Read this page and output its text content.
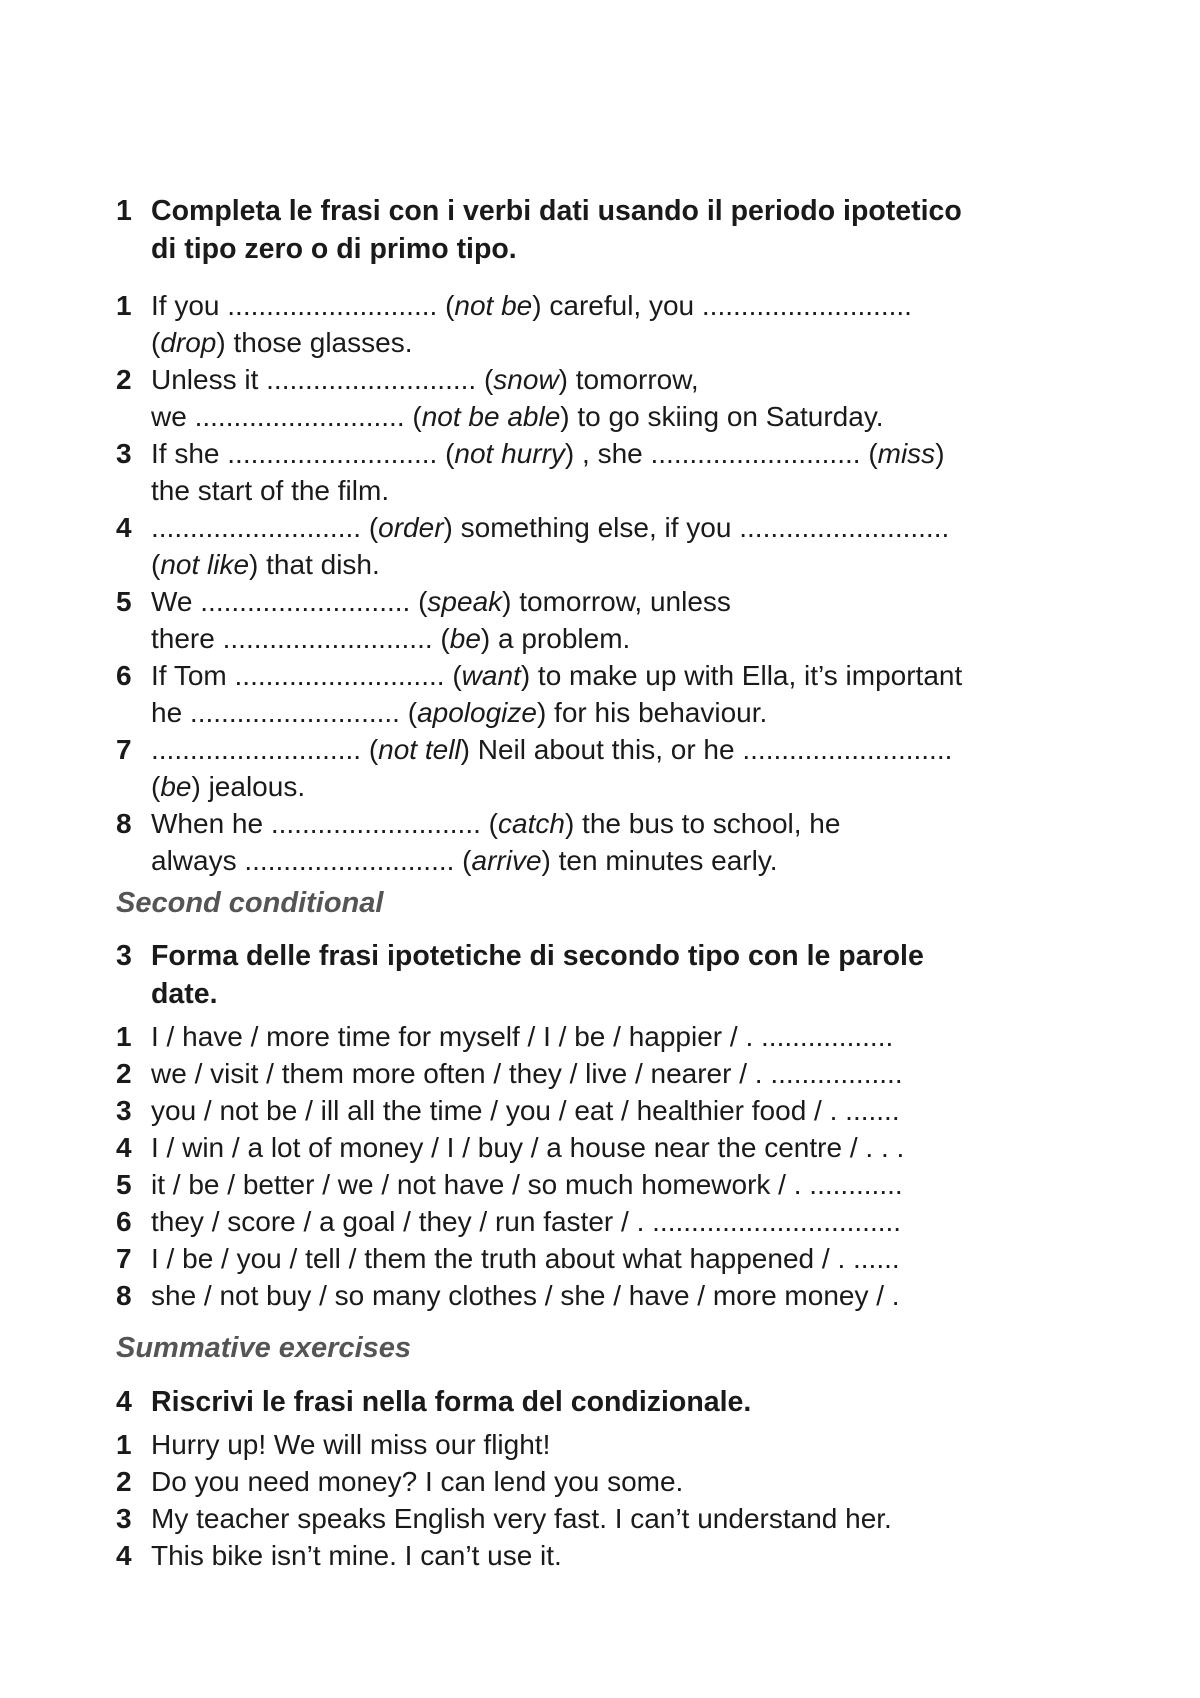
1 Completa le frasi con i verbi dati usando il periodo ipotetico
di tipo zero o di primo tipo.
1 If you ........................... (not be) careful, you ...........................
(drop) those glasses.
2 Unless it ........................... (snow) tomorrow,
we ........................... (not be able) to go skiing on Saturday.
3 If she ........................... (not hurry) , she ........................... (miss)
the start of the film.
4 ........................... (order) something else, if you ...........................
(not like) that dish.
5 We ........................... (speak) tomorrow, unless
there ........................... (be) a problem.
6 If Tom ........................... (want) to make up with Ella, it’s important
he ........................... (apologize) for his behaviour.
7 ........................... (not tell) Neil about this, or he ...........................
(be) jealous.
8 When he ........................... (catch) the bus to school, he
always ........................... (arrive) ten minutes early.
Second conditional
3 Forma delle frasi ipotetiche di secondo tipo con le parole
date.
1 I / have / more time for myself / I / be / happier / . .................
2 we / visit / them more often / they / live / nearer / . .................
3 you / not be / ill all the time / you / eat / healthier food / . .......
4 I / win / a lot of money / I / buy / a house near the centre / . . .
5 it / be / better / we / not have / so much homework / . ............
6 they / score / a goal / they / run faster / . ................................
7 I / be / you / tell / them the truth about what happened / . ......
8 she / not buy / so many clothes / she / have / more money / .
Summative exercises
4 Riscrivi le frasi nella forma del condizionale.
1 Hurry up! We will miss our flight!
2 Do you need money? I can lend you some.
3 My teacher speaks English very fast. I can’t understand her.
4 This bike isn’t mine. I can’t use it.
